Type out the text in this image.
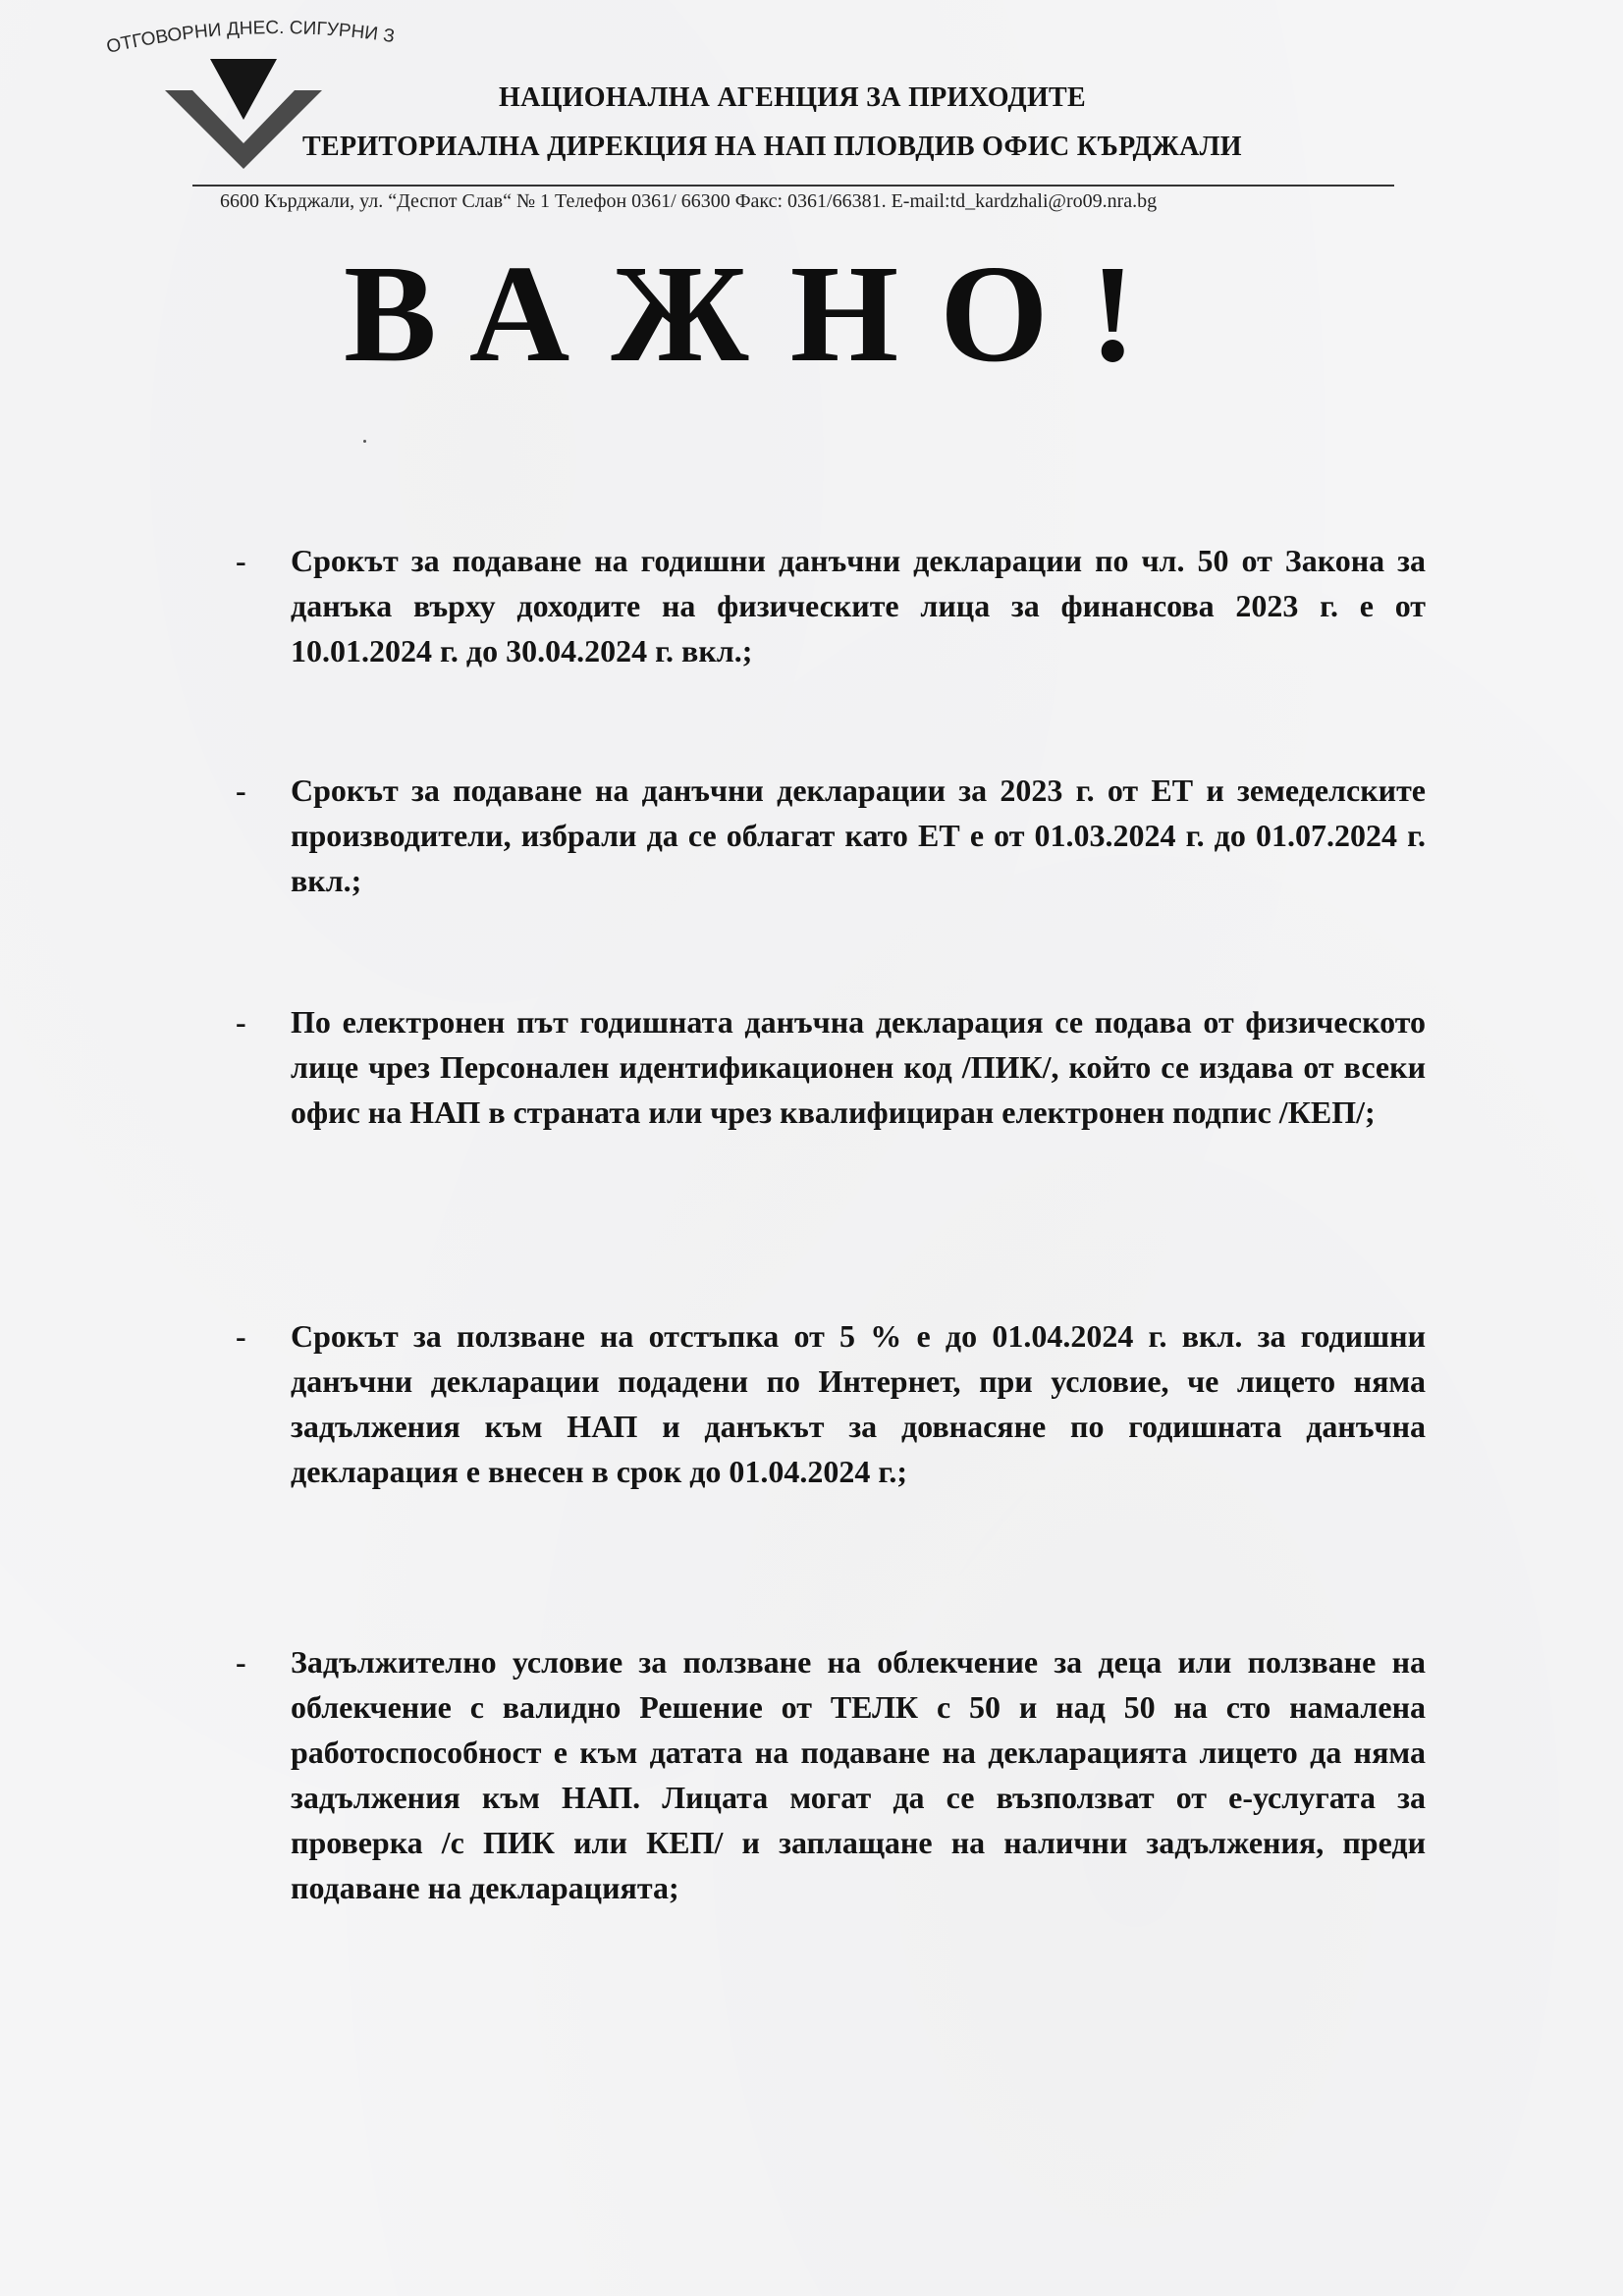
ОТГОВОРНИ ДНЕС. СИГУРНИ ЗА УТРЕ.
НАЦИОНАЛНА АГЕНЦИЯ ЗА ПРИХОДИТЕ
ТЕРИТОРИАЛНА ДИРЕКЦИЯ НА НАП ПЛОВДИВ ОФИС КЪРДЖАЛИ
6600 Кърджали, ул. “Деспот Слав“ № 1 Телефон 0361/ 66300 Факс: 0361/66381. E-mail:td_kardzhali@ro09.nra.bg
ВАЖНО!
- Срокът за подаване на годишни данъчни декларации по чл. 50 от Закона за данъка върху доходите на физическите лица за финансова 2023 г. е от 10.01.2024 г. до 30.04.2024 г. вкл.;
- Срокът за подаване на данъчни декларации за 2023 г. от ЕТ и земеделските производители, избрали да се облагат като ЕТ е от 01.03.2024 г. до 01.07.2024 г. вкл.;
- По електронен път годишната данъчна декларация се подава от физическото лице чрез Персонален идентификационен код /ПИК/, който се издава от всеки офис на НАП в страната или чрез квалифициран електронен подпис /КЕП/;
- Срокът за ползване на отстъпка от 5 % е до 01.04.2024 г. вкл. за годишни данъчни декларации подадени по Интернет, при условие, че лицето няма задължения към НАП и данъкът за довнасяне по годишната данъчна декларация е внесен в срок до 01.04.2024 г.;
- Задължително условие за ползване на облекчение за деца или ползване на облекчение с валидно Решение от ТЕЛК с 50 и над 50 на сто намалена работоспособност е към датата на подаване на декларацията лицето да няма задължения към НАП. Лицата могат да се възползват от е-услугата за проверка /с ПИК или КЕП/ и заплащане на налични задължения, преди подаване на декларацията;
